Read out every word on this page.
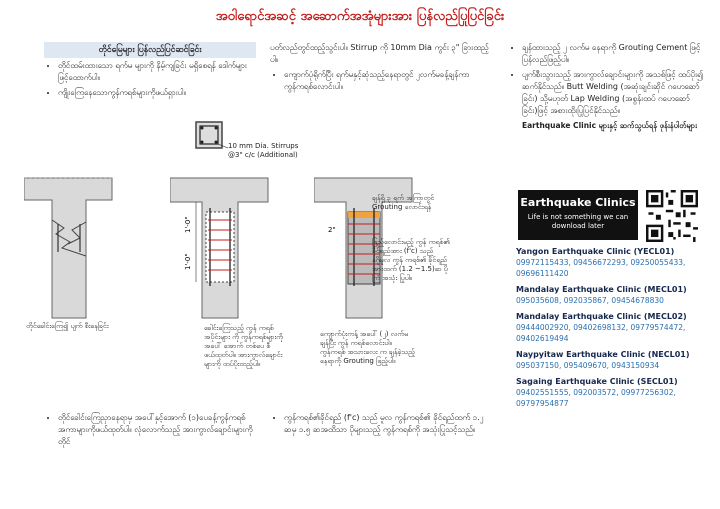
အဝါရောင်အဆင့် အဆောက်အအုံများအား ပြန်လည်ပြုပြင်ခြင်း
တိုင်မြေများ ပြန်လည်ပြင်ဆင်ခြင်း
• တိုင်ထမ်းထားသော ရက်မ များကို နိမ့်ကျခြင်း မရှိစေရန် ဒေါက်များဖြင့်ထောက်ပါ။
• ကျိုးကြေနေသောကွန်ကရစ်များကိုဖယ်ရှားပါ။
ပတ်လည်တွင်ထည့်သွင်းပါ။ Stirrup ကို 10mm Dia ကွင်း ၃" ခြားထည့်ပါ။
• ကျောက်ပုံရိုက်ပြီး ရက်မနှင့်ဆုံသည့်နေရာတွင် ၂လက်မခန့်ချန်ကာ ကွန်ကရစ်လောင်းပါ။
• ချန်ထားသည့် ၂ လက်မ နေရာကို Grouting Cement ဖြင့် ပြန်လည်ဖြည့်ပါ။
• ပျက်စီးသွားသည့် အားကွာလ်ချောင်းများကို အသစ်ဖြင့် ထပ်ပိုး၍ ဆက်နိုင်သည်။ Butt Welding (အဆုံးချင်းဆိုင် ဂဟေဆော်ခြင်း) သို့မဟုတ် Lap Welding (အစွန်းထပ် ဂဟေဆော်ခြင်း)ဖြင့် အစားထိုးပြုပြင်နိုင်သည်။
Earthquake Clinic များနှင့် ဆက်သွယ်ရန် ဖုန်းနံပါတ်များ
10 mm Dia. Stirrups
@3" c/c (Additional)
တိုင်ခေါင်းကြေ၍ ပျက် စီးနေခြင်း
1'-0"
1'-0"
ခေါင်းကြေသည့် ကွန် ကရစ်အပိုင်းများ ကို ကွန်ကရစ်များကို အပေါ် အောက် တစ်ပေ စီ ဖယ်ထုတ်ပါ။ အားကွာလ်ချောင်းများကို ထပ်ပိုးထည့်ပါ။
2"
ချန်ရှိ ၃ ရက် အကြာတွင် Grouting လောင်းရန်
ဖြည့်လောင်းမည့် ကွန် ကရစ်၏ ခိုင်ရည်အား (f'c) သည် နဂိုမူလ ကွန် ကရစ်၏ ခိုင်ရည်အားထက် (1.2 ~1.5)ဆ ပိုကြံ အသုံး ပြုပါ။
ကျောက်ပုံးကန့် အပေါ် (၂) လက်မချန်ပြီး ကွန် ကရစ်လောင်းပါ။ ကွန်ကရစ် အသားလေး က ချန်ခဲ့သည့် နေရာကို Grouting ဖြည့်ပါ။
• တိုင်ခေါင်းကြေညှာနေရာမှ အပေါ်နှင့်အောက် (၁)ပေခန့်ကွန်ကရစ်အကာများကိုဖယ်ထုတ်ပါ။ လုံလောက်သည့် အားကွာလ်ချောင်းများကို တိုင်
• ကွန်ကရစ်၏ခိုင်ရည် (f'c) သည် မူလ ကွန်ကရစ်၏ ခိုင်ရည်ထက် ၁.၂ ဆမှ ၁.၅ ဆအထိသာ ပိုများသည့် ကွန်ကရစ်ကို အသုံးပြုသင့်သည်။
Earthquake Clinics
Life is not something we can download later
Yangon Earthquake Clinic (YECL01)
09972115433, 09456672293, 09250055433, 09696111420
Mandalay Earthquake Clinic (MECL01)
095035608, 092035867, 09454678830
Mandalay Earthquake Clinic (MECL02)
09444002920, 09402698132, 09779574472, 09402619494
Naypyitaw Earthquake Clinic (NECL01)
095037150, 095409670, 0943150934
Sagaing Earthquake Clinic (SECL01)
09402551555, 092003572, 09977256302, 09797954877
